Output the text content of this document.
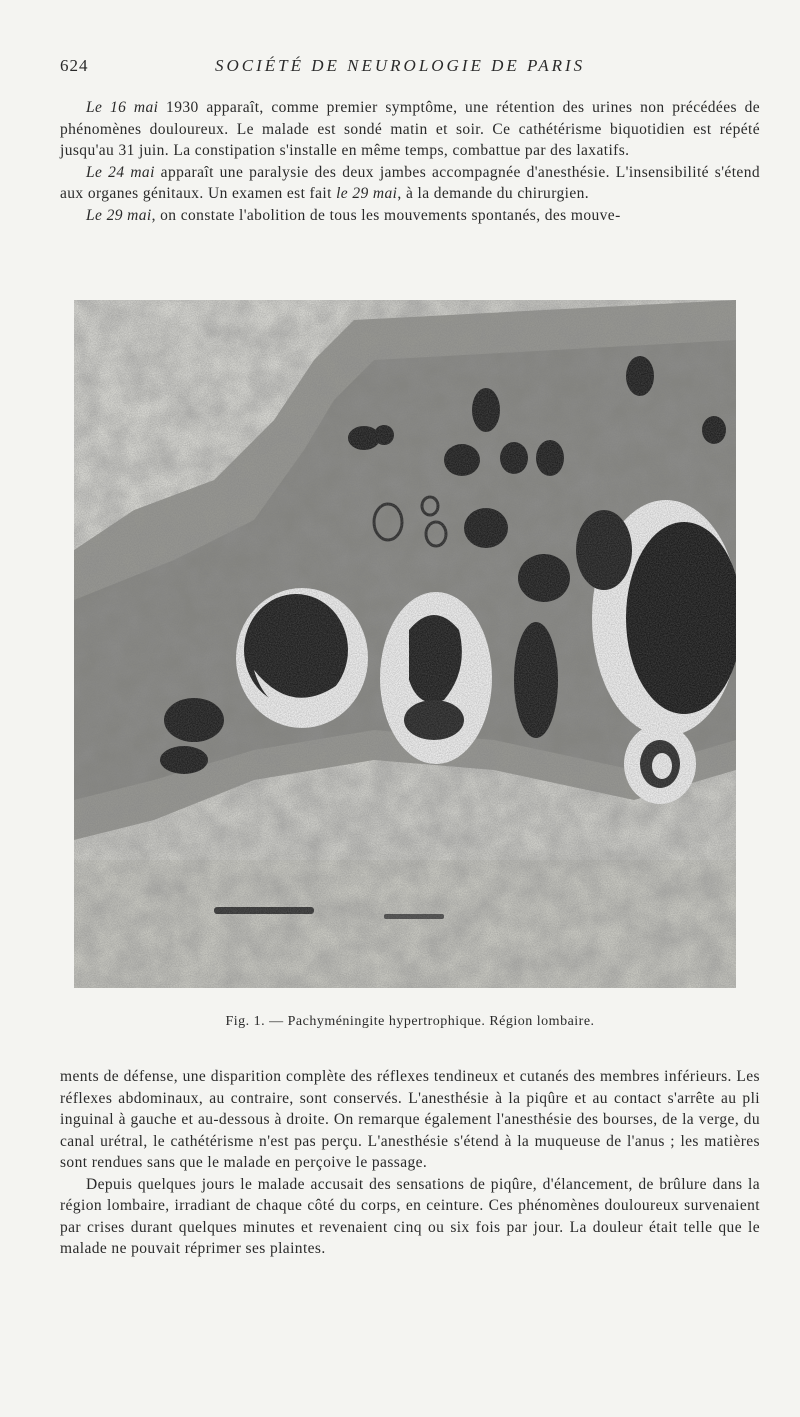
624	SOCIÉTÉ DE NEUROLOGIE DE PARIS

Le 16 mai 1930 apparaît, comme premier symptôme, une rétention des urines non précédées de phénomènes douloureux. Le malade est sondé matin et soir. Ce cathétérisme biquotidien est répété jusqu'au 31 juin. La constipation s'installe en même temps, combattue par des laxatifs.

Le 24 mai apparaît une paralysie des deux jambes accompagnée d'anesthésie. L'insensibilité s'étend aux organes génitaux. Un examen est fait le 29 mai, à la demande du chirurgien.

Le 29 mai, on constate l'abolition de tous les mouvements spontanés, des mouve-

Fig. 1. — Pachyméningite hypertrophique. Région lombaire.

ments de défense, une disparition complète des réflexes tendineux et cutanés des membres inférieurs. Les réflexes abdominaux, au contraire, sont conservés. L'anesthésie à la piqûre et au contact s'arrête au pli inguinal à gauche et au-dessous à droite. On remarque également l'anesthésie des bourses, de la verge, du canal urétral, le cathétérisme n'est pas perçu. L'anesthésie s'étend à la muqueuse de l'anus ; les matières sont rendues sans que le malade en perçoive le passage.

Depuis quelques jours le malade accusait des sensations de piqûre, d'élancement, de brûlure dans la région lombaire, irradiant de chaque côté du corps, en ceinture. Ces phénomènes douloureux survenaient par crises durant quelques minutes et revenaient cinq ou six fois par jour. La douleur était telle que le malade ne pouvait réprimer ses plaintes.
